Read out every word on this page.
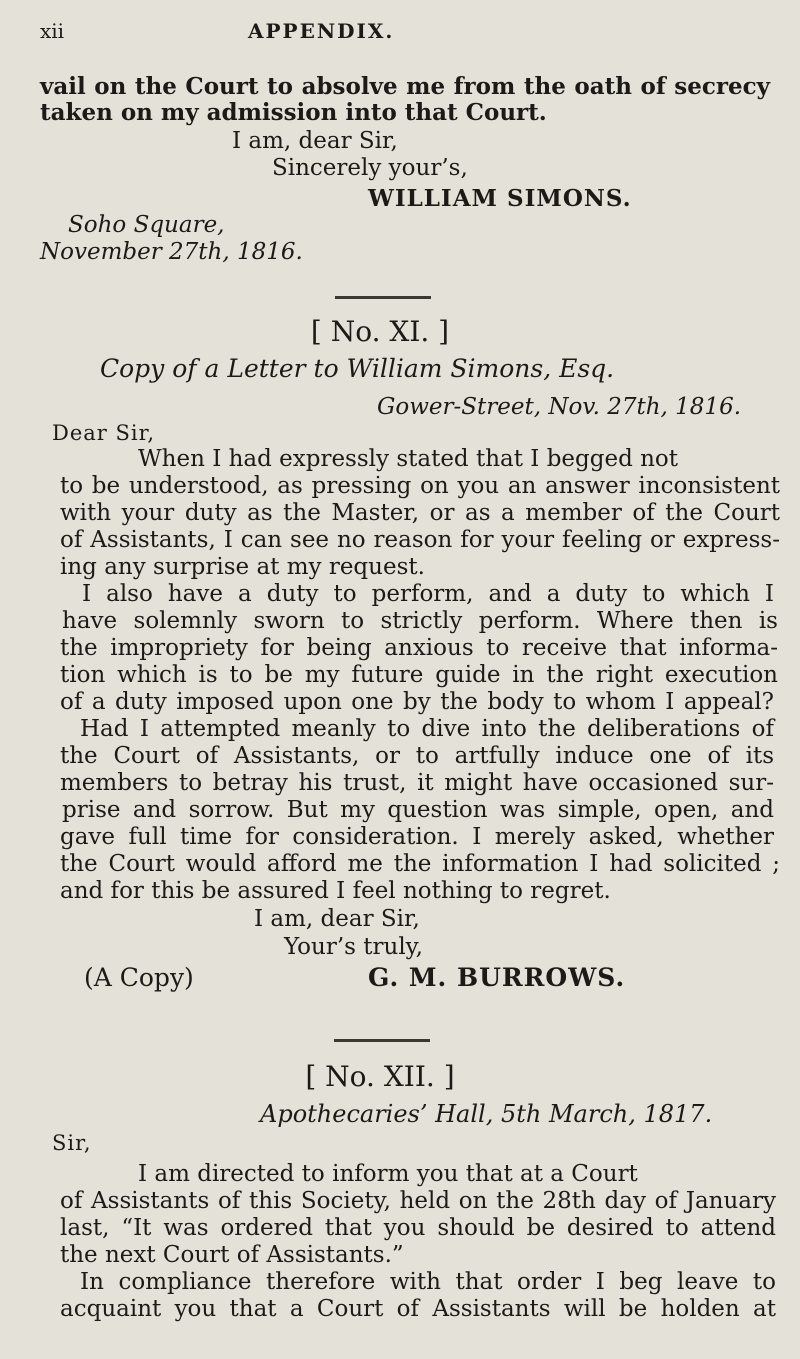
xii	APPENDIX.
vail on the Court to absolve me from the oath of secrecy
taken on my admission into that Court.
I am, dear Sir,
Sincerely your’s,
WILLIAM SIMONS.
Soho Square,
November 27th, 1816.
[ No. XI. ]
Copy of a Letter to William Simons, Esq.
Gower-Street, Nov. 27th, 1816.
Dear Sir,
When I had expressly stated that I begged not
to be understood, as pressing on you an answer inconsistent
with your duty as the Master, or as a member of the Court
of Assistants, I can see no reason for your feeling or express-
ing any surprise at my request.
I also have a duty to perform, and a duty to which I
have solemnly sworn to strictly perform. Where then is
the impropriety for being anxious to receive that informa-
tion which is to be my future guide in the right execution
of a duty imposed upon one by the body to whom I appeal?
Had I attempted meanly to dive into the deliberations of
the Court of Assistants, or to artfully induce one of its
members to betray his trust, it might have occasioned sur-
prise and sorrow. But my question was simple, open, and
gave full time for consideration. I merely asked, whether
the Court would afford me the information I had solicited ;
and for this be assured I feel nothing to regret.
I am, dear Sir,
Your’s truly,
(A Copy)	G. M. BURROWS.
[ No. XII. ]
Apothecaries’ Hall, 5th March, 1817.
Sir,
I am directed to inform you that at a Court
of Assistants of this Society, held on the 28th day of January
last, “It was ordered that you should be desired to attend
the next Court of Assistants.”
In compliance therefore with that order I beg leave to
acquaint you that a Court of Assistants will be holden at
